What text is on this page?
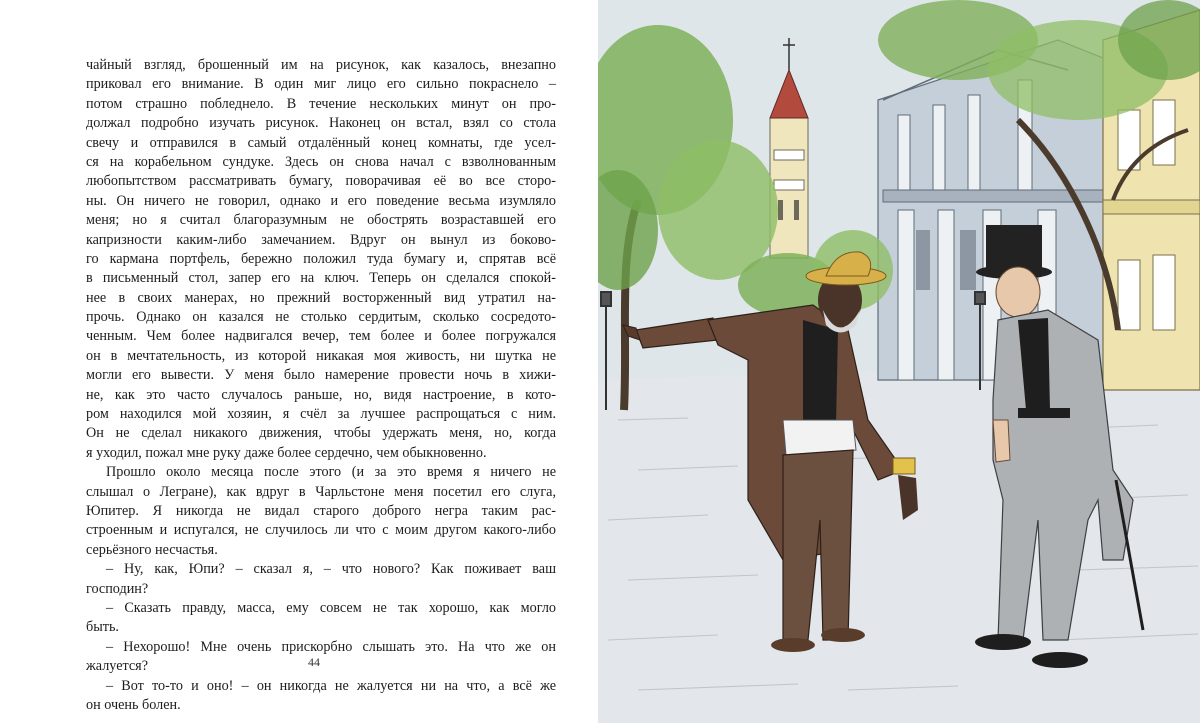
чайный взгляд, брошенный им на рисунок, как казалось, внезапно
приковал его внимание. В один миг лицо его сильно покраснело –
потом страшно побледнело. В течение нескольких минут он про-
должал подробно изучать рисунок. Наконец он встал, взял со стола
свечу и отправился в самый отдалённый конец комнаты, где усел-
ся на корабельном сундуке. Здесь он снова начал с взволнованным
любопытством рассматривать бумагу, поворачивая её во все сторо-
ны. Он ничего не говорил, однако и его поведение весьма изумляло
меня; но я считал благоразумным не обострять возраставшей его
капризности каким-либо замечанием. Вдруг он вынул из боково-
го кармана портфель, бережно положил туда бумагу и, спрятав всё
в письменный стол, запер его на ключ. Теперь он сделался спокой-
нее в своих манерах, но прежний восторженный вид утратил на-
прочь. Однако он казался не столько сердитым, сколько сосредото-
ченным. Чем более надвигался вечер, тем более и более погружался
он в мечтательность, из которой никакая моя живость, ни шутка не
могли его вывести. У меня было намерение провести ночь в хижи-
не, как это часто случалось раньше, но, видя настроение, в кото-
ром находился мой хозяин, я счёл за лучшее распрощаться с ним.
Он не сделал никакого движения, чтобы удержать меня, но, когда
я уходил, пожал мне руку даже более сердечно, чем обыкновенно.
Прошло около месяца после этого (и за это время я ничего не
слышал о Легране), как вдруг в Чарльстоне меня посетил его слуга,
Юпитер. Я никогда не видал старого доброго негра таким рас-
строенным и испугался, не случилось ли что с моим другом какого-либо
серьёзного несчастья.
– Ну, как, Юпи? – сказал я, – что нового? Как поживает ваш
господин?
– Сказать правду, масса, ему совсем не так хорошо, как могло
быть.
– Нехорошо! Мне очень прискорбно слышать это. На что же он
жалуется?
– Вот то-то и оно! – он никогда не жалуется ни на что, а всё же
он очень болен.
44
